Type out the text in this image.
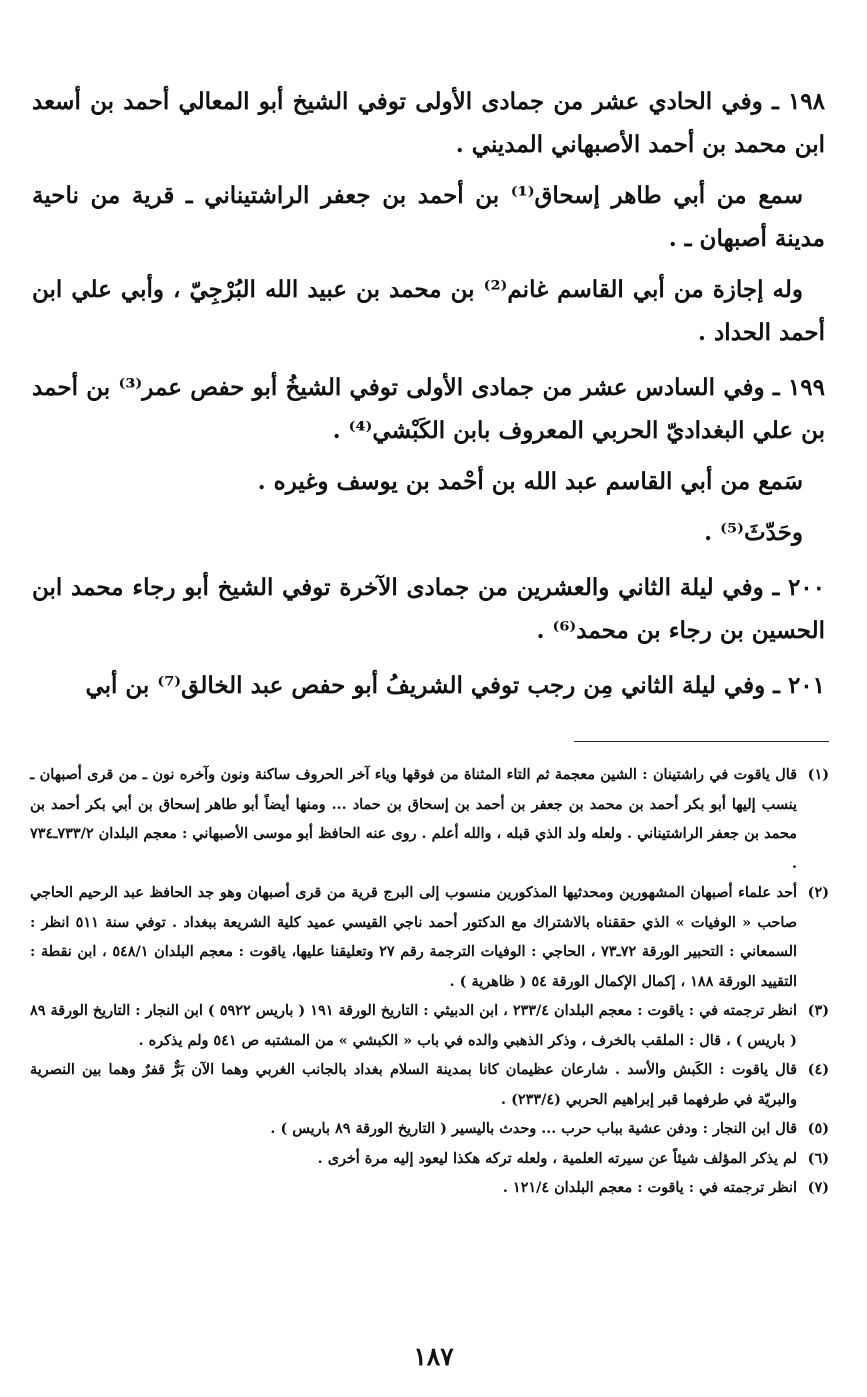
١٩٨ ـ وفي الحادي عشر من جمادى الأولى توفي الشيخ أبو المعالي أحمد بن أسعد ابن محمد بن أحمد الأصبهاني المديني .

سمع من أبي طاهر إسحاق⁽¹⁾ بن أحمد بن جعفر الراشتيناني ـ قرية من ناحية مدينة أصبهان ـ .

وله إجازة من أبي القاسم غانم⁽²⁾ بن محمد بن عبيد الله البُرْجِيّ ، وأبي علي ابن أحمد الحداد .

١٩٩ ـ وفي السادس عشر من جمادى الأولى توفي الشيخُ أبو حفص عمر⁽³⁾ بن أحمد بن علي البغداديّ الحربي المعروف بابن الكَبْشي⁽⁴⁾ .

سَمع من أبي القاسم عبد الله بن أحْمد بن يوسف وغيره .

وحَدّثَ⁽⁵⁾ .

٢٠٠ ـ وفي ليلة الثاني والعشرين من جمادى الآخرة توفي الشيخ أبو رجاء محمد ابن الحسين بن رجاء بن محمد⁽⁶⁾ .

٢٠١ ـ وفي ليلة الثاني مِن رجب توفي الشريفُ أبو حفص عبد الخالق⁽⁷⁾ بن أبي

(١)
قال ياقوت في راشتينان : الشين معجمة ثم التاء المثناة من فوقها وياء آخر الحروف ساكنة ونون وآخره نون ـ من قرى أصبهان ـ ينسب إليها أبو بكر أحمد بن محمد بن جعفر بن أحمد بن إسحاق بن حماد ... ومنها أيضاً أبو طاهر إسحاق بن أبي بكر أحمد بن محمد بن جعفر الراشتيناني . ولعله ولد الذي قبله ، والله أعلم . روى عنه الحافظ أبو موسى الأصبهاني : معجم البلدان ٧٣٣/٢ـ٧٣٤ .
(٢)
أحد علماء أصبهان المشهورين ومحدثيها المذكورين منسوب إلى البرج قرية من قرى أصبهان وهو جد الحافظ عبد الرحيم الحاجي صاحب « الوفيات » الذي حققناه بالاشتراك مع الدكتور أحمد ناجي القيسي عميد كلية الشريعة ببغداد . توفي سنة ٥١١ انظر : السمعاني : التحبير الورقة ٧٢ـ٧٣ ، الحاجي : الوفيات الترجمة رقم ٢٧ وتعليقنا عليها، ياقوت : معجم البلدان ٥٤٨/١ ، ابن نقطة : التقييد الورقة ١٨٨ ، إكمال الإكمال الورقة ٥٤ ( ظاهرية ) .
(٣)
انظر ترجمته في : ياقوت : معجم البلدان ٢٣٣/٤ ، ابن الدبيثي : التاريخ الورقة ١٩١ ( باريس ٥٩٢٢ ) ابن النجار : التاريخ الورقة ٨٩ ( باريس ) ، قال : الملقب بالخرف ، وذكر الذهبي والده في باب « الكبشي » من المشتبه ص ٥٤١ ولم يذكره .
(٤)
قال ياقوت : الكَبش والأسد . شارعان عظيمان كانا بمدينة السلام بغداد بالجانب الغربي وهما الآن بَرٌّ قفرٌ وهما بين النصرية والبريّة في طرفهما قبر إبراهيم الحربي (٢٣٣/٤) .
(٥)
قال ابن النجار : ودفن عشية بباب حرب ... وحدث باليسير ( التاريخ الورقة ٨٩ باريس ) .
(٦)
لم يذكر المؤلف شيئاً عن سيرته العلمية ، ولعله تركه هكذا ليعود إليه مرة أخرى .
(٧)
انظر ترجمته في : ياقوت : معجم البلدان ١٢١/٤ .
١٨٧
